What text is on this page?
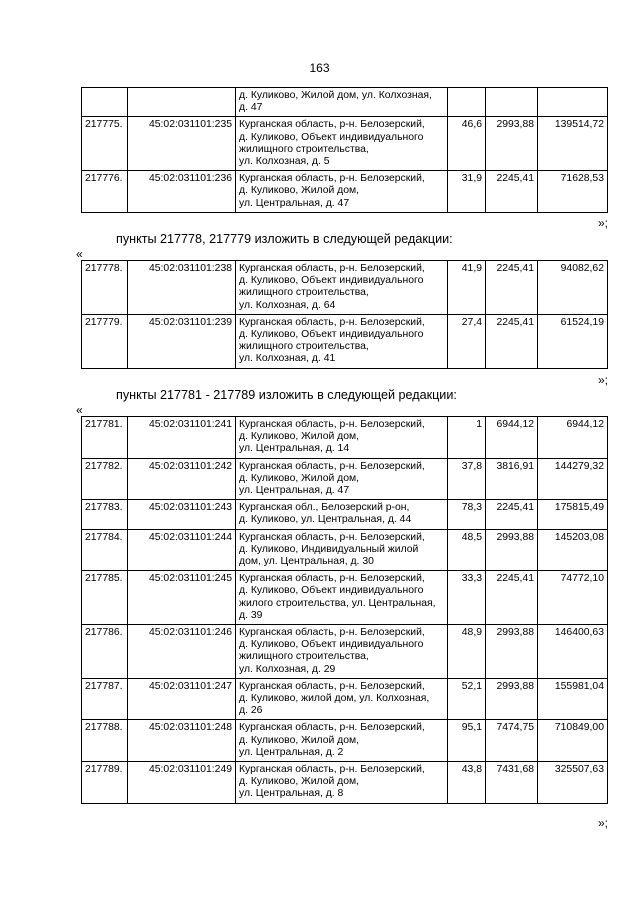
163

		д. Куликово, Жилой дом, ул. Колхозная,
д. 47			

217775.	45:02:031101:235	Курганская область, р-н. Белозерский,
д. Куликово, Объект индивидуального
жилищного строительства,
ул. Колхозная, д. 5	46,6	2993,88	139514,72
217776.	45:02:031101:236	Курганская область, р-н. Белозерский,
д. Куликово, Жилой дом,
ул. Центральная, д. 47	31,9	2245,41	71628,53
»;
пункты 217778, 217779 изложить в следующей редакции:
«
217778.	45:02:031101:238	Курганская область, р-н. Белозерский,
д. Куликово, Объект индивидуального
жилищного строительства,
ул. Колхозная, д. 64	41,9	2245,41	94082,62
217779.	45:02:031101:239	Курганская область, р-н. Белозерский,
д. Куликово, Объект индивидуального
жилищного строительства,
ул. Колхозная, д. 41	27,4	2245,41	61524,19
»;
пункты 217781 - 217789 изложить в следующей редакции:
«
217781.	45:02:031101:241	Курганская область, р-н. Белозерский,
д. Куликово, Жилой дом,
ул. Центральная, д. 14	1	6944,12	6944,12
217782.	45:02:031101:242	Курганская область, р-н. Белозерский,
д. Куликово, Жилой дом,
ул. Центральная, д. 47	37,8	3816,91	144279,32
217783.	45:02:031101:243	Курганская обл., Белозерский р-он,
д. Куликово, ул. Центральная, д. 44	78,3	2245,41	175815,49
217784.	45:02:031101:244	Курганская область, р-н. Белозерский,
д. Куликово, Индивидуальный жилой
дом, ул. Центральная, д. 30	48,5	2993,88	145203,08
217785.	45:02:031101:245	Курганская область, р-н. Белозерский,
д. Куликово, Объект индивидуального
жилого строительства, ул. Центральная,
д. 39	33,3	2245,41	74772,10
217786.	45:02:031101:246	Курганская область, р-н. Белозерский,
д. Куликово, Объект индивидуального
жилищного строительства,
ул. Колхозная, д. 29	48,9	2993,88	146400,63
217787.	45:02:031101:247	Курганская область, р-н. Белозерский,
д. Куликово, жилой дом, ул. Колхозная,
д. 26	52,1	2993,88	155981,04
217788.	45:02:031101:248	Курганская область, р-н. Белозерский,
д. Куликово, Жилой дом,
ул. Центральная, д. 2	95,1	7474,75	710849,00
217789.	45:02:031101:249	Курганская область, р-н. Белозерский,
д. Куликово, Жилой дом,
ул. Центральная, д. 8	43,8	7431,68	325507,63
»;
